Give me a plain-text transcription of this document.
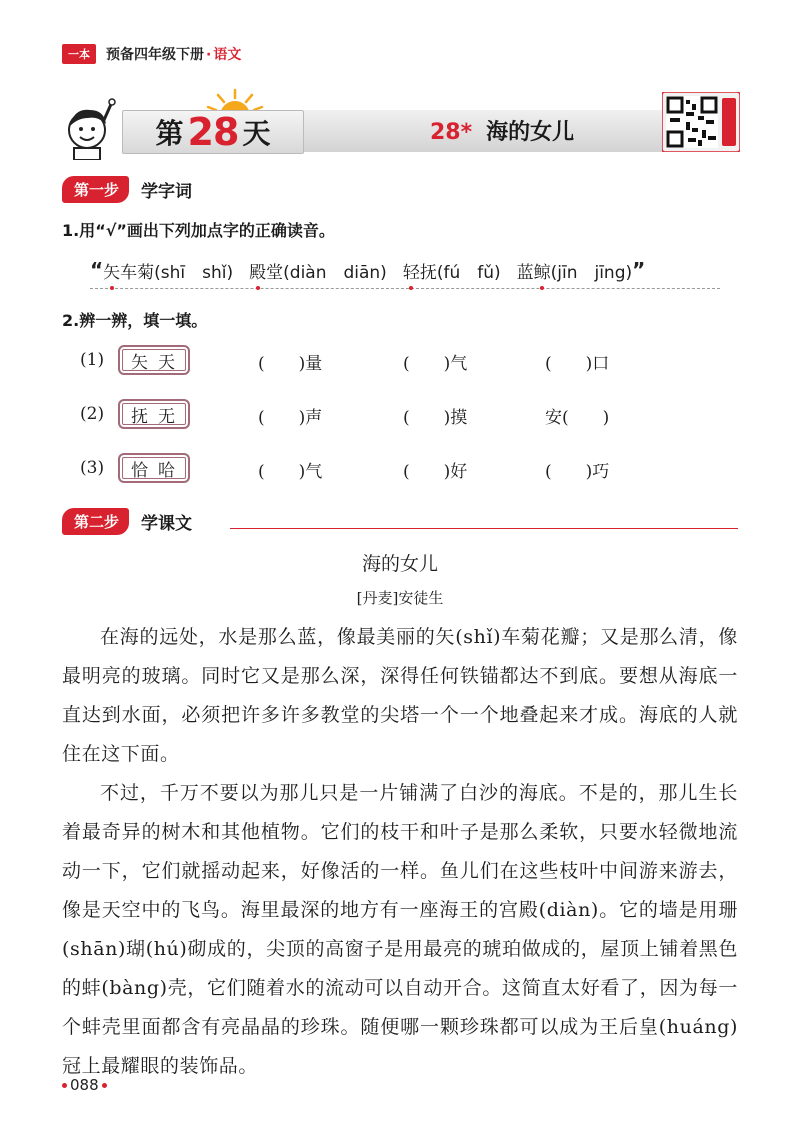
一本	预备四年级下册 · 语文
第 28 天	28* 海的女儿
第一步	学字词
1.用“√”画出下列加点字的正确读音。
“ 矢 车菊 (shī　shǐ) 殿 堂 (diàn　diān) 轻 抚 (fú　fǔ) 蓝 鲸 (jīn　jīng) ”
2.辨一辨，填一填。
(1)	矢天	(　　)量	(　　)气	(　　)口
(2)	抚无	(　　)声	(　　)摸	安(　　)
(3)	恰哈	(　　)气	(　　)好	(　　)巧
第二步	学课文
海的女儿
[丹麦]安徒生

在海的远处，水是那么蓝，像最美丽的矢(shǐ)车菊花瓣；又是那么清，像最明亮的玻璃。同时它又是那么深，深得任何铁锚都达不到底。要想从海底一直达到水面，必须把许多许多教堂的尖塔一个一个地叠起来才成。海底的人就住在这下面。

不过，千万不要以为那儿只是一片铺满了白沙的海底。不是的，那儿生长着最奇异的树木和其他植物。它们的枝干和叶子是那么柔软，只要水轻微地流动一下，它们就摇动起来，好像活的一样。鱼儿们在这些枝叶中间游来游去，像是天空中的飞鸟。海里最深的地方有一座海王的宫殿(diàn)。它的墙是用珊(shān)瑚(hú)砌成的，尖顶的高窗子是用最亮的琥珀做成的，屋顶上铺着黑色的蚌(bàng)壳，它们随着水的流动可以自动开合。这简直太好看了，因为每一个蚌壳里面都含有亮晶晶的珍珠。随便哪一颗珍珠都可以成为王后皇(huáng)冠上最耀眼的装饰品。

088
